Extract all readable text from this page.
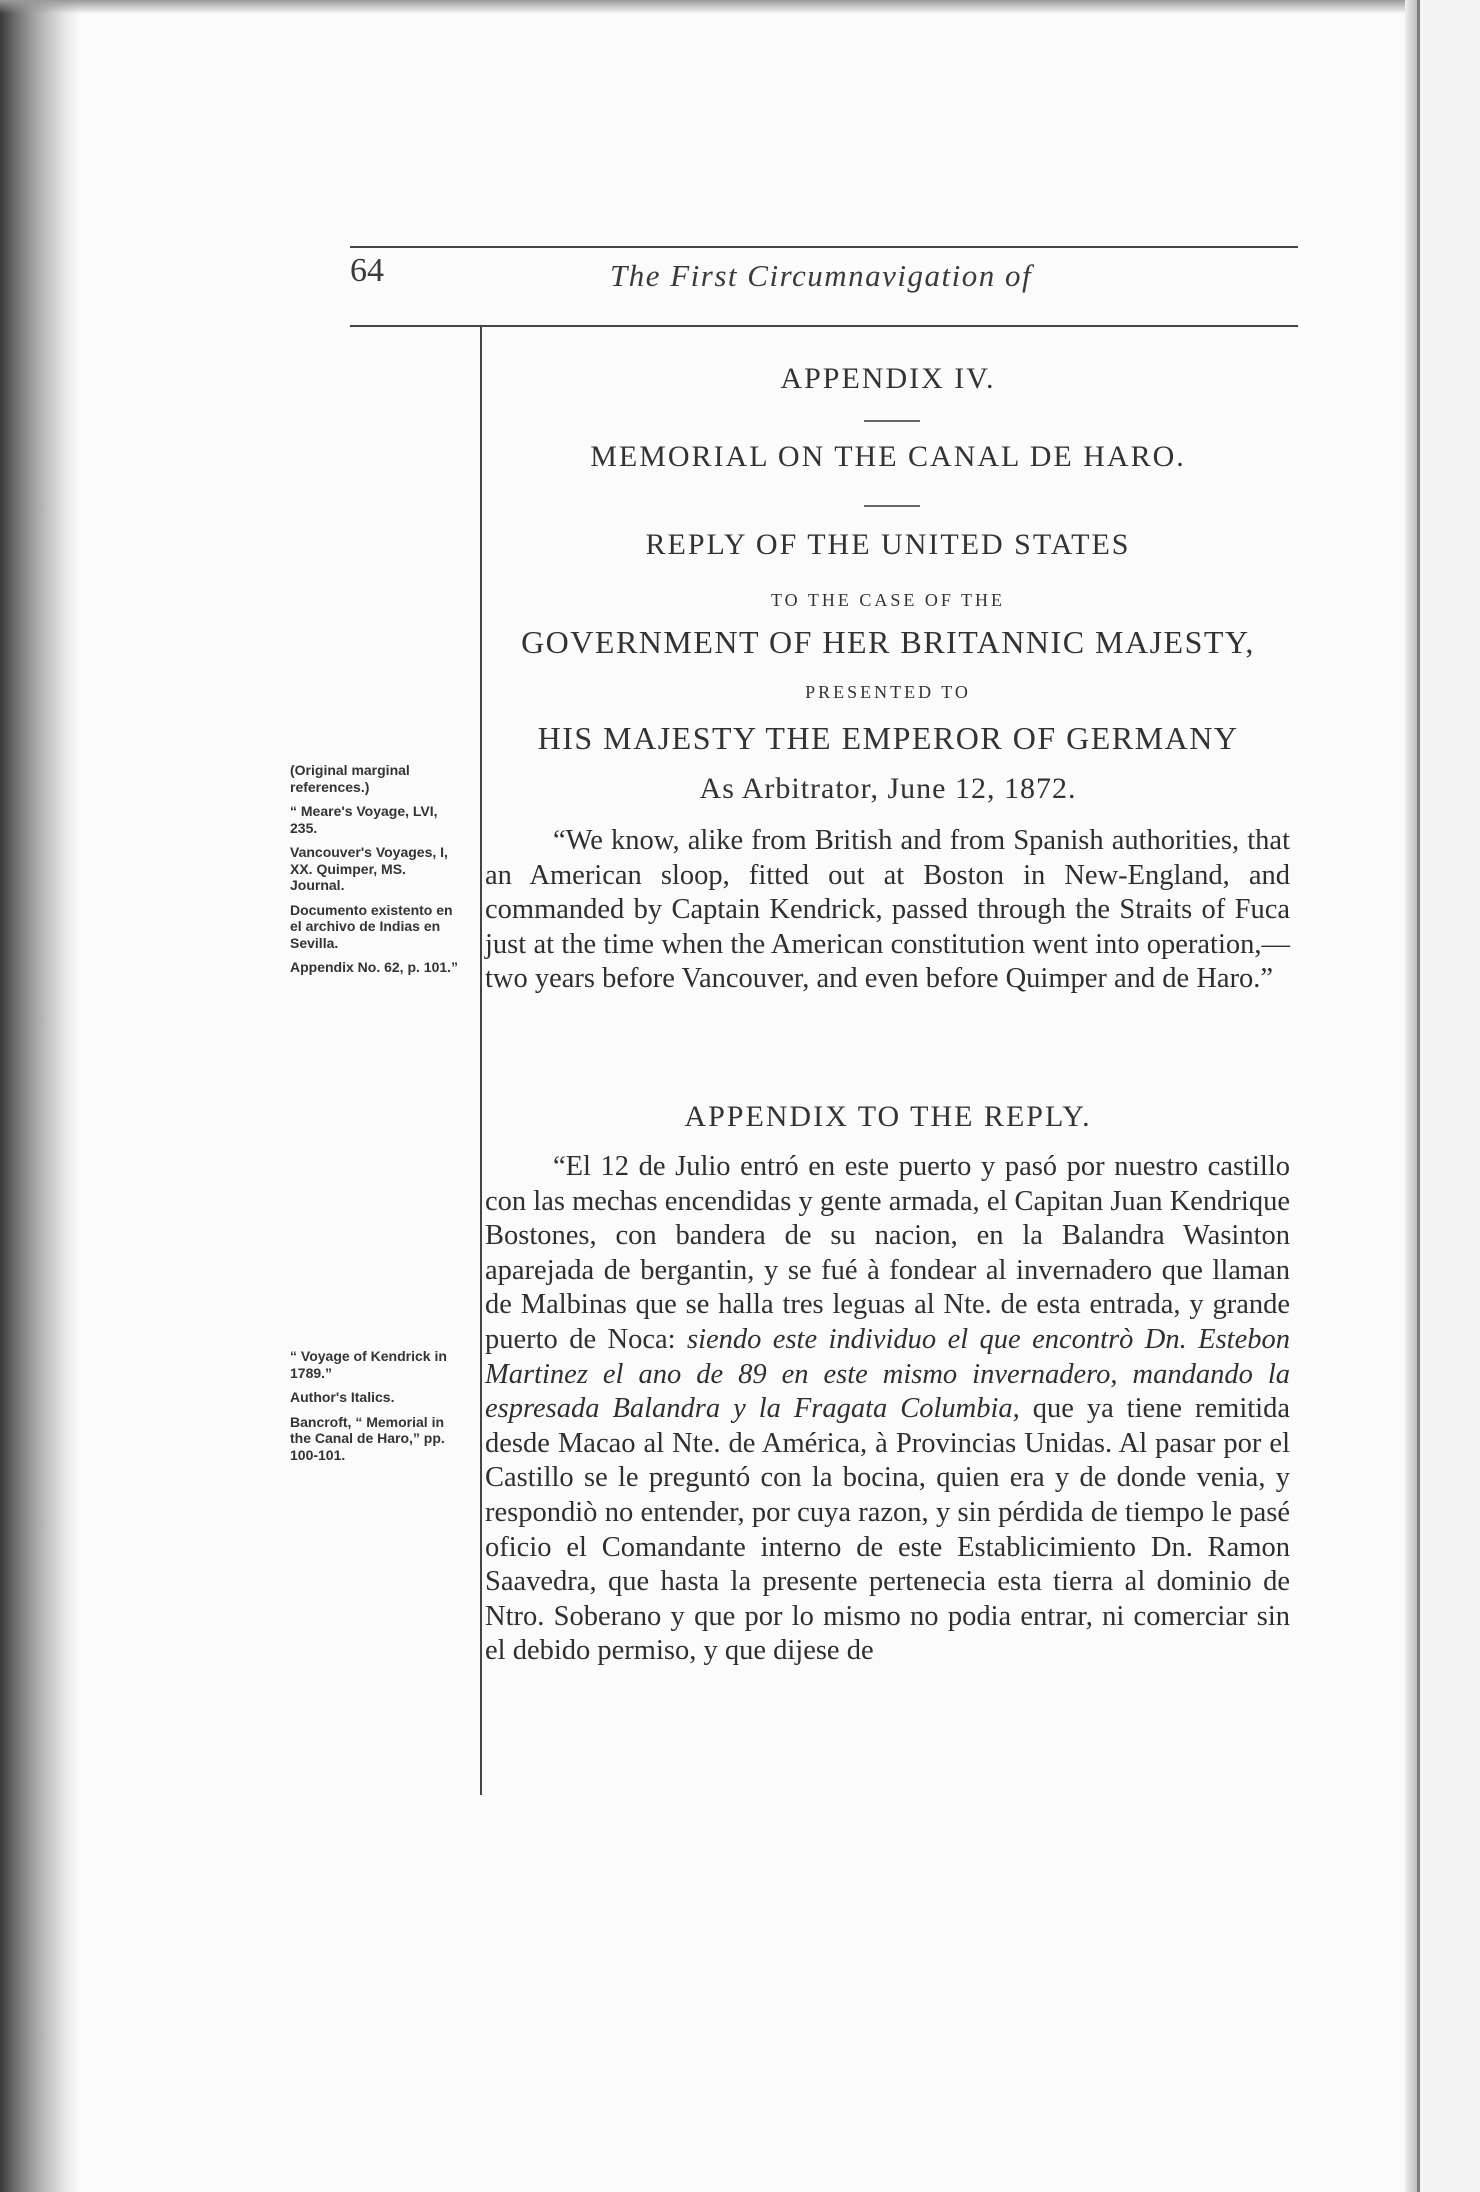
64	The First Circumnavigation of
APPENDIX IV.
MEMORIAL ON THE CANAL DE HARO.
REPLY OF THE UNITED STATES
TO THE CASE OF THE
GOVERNMENT OF HER BRITANNIC MAJESTY,
PRESENTED TO
HIS MAJESTY THE EMPEROR OF GERMANY
As Arbitrator, June 12, 1872.
“We know, alike from British and from Spanish authorities, that an American sloop, fitted out at Boston in New-England, and commanded by Captain Kendrick, passed through the Straits of Fuca just at the time when the American constitution went into operation,—two years before Vancouver, and even before Quimper and de Haro.”
APPENDIX TO THE REPLY.
“El 12 de Julio entró en este puerto y pasó por nuestro castillo con las mechas encendidas y gente armada, el Capitan Juan Kendrique Bostones, con bandera de su nacion, en la Balandra Wasinton aparejada de bergantin, y se fué à fondear al invernadero que llaman de Malbinas que se halla tres leguas al Nte. de esta entrada, y grande puerto de Noca: siendo este individuo el que encontrò Dn. Estebon Martinez el ano de 89 en este mismo invernadero, mandando la espresada Balandra y la Fragata Columbia, que ya tiene remitida desde Macao al Nte. de América, à Provincias Unidas. Al pasar por el Castillo se le preguntó con la bocina, quien era y de donde venia, y respondiò no entender, por cuya razon, y sin pérdida de tiempo le pasé oficio el Comandante interno de este Establicimiento Dn. Ramon Saavedra, que hasta la presente pertenecia esta tierra al dominio de Ntro. Soberano y que por lo mismo no podia entrar, ni comerciar sin el debido permiso, y que dijese de
(Original marginal references.)
“ Meare's Voyage, LVI, 235.
Vancouver's Voyages, I, XX. Quimper, MS. Journal.
Documento existento en el archivo de Indias en Sevilla.
Appendix No. 62, p. 101.”
“ Voyage of Kendrick in 1789.”
Author's Italics.
Bancroft, “ Memorial in the Canal de Haro,” pp. 100-101.
